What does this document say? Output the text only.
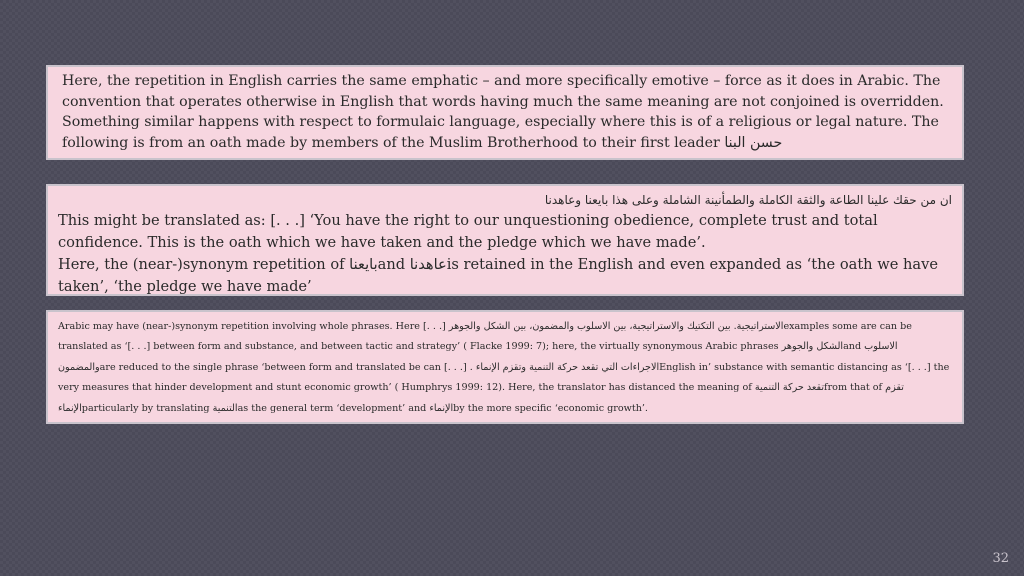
Here, the repetition in English carries the same emphatic – and more specifically emotive – force as it does in Arabic. The convention that operates otherwise in English that words having much the same meaning are not conjoined is overridden. Something similar happens with respect to formulaic language, especially where this is of a religious or legal nature. The following is from an oath made by members of the Muslim Brotherhood to their first leader حسن البنا

ان من حقك علينا الطاعة والثقة الكاملة والطمأنينة الشاملة وعلى هذا بايعنا وعاهدنا

This might be translated as: [. . .] ‘You have the right to our unquestioning obedience, complete trust and total confidence. This is the oath which we have taken and the pledge which we have made’.

Here, the (near-)synonym repetition of بايعناand عاهدناis retained in the English and even expanded as ‘the oath we have taken’, ‘the pledge we have made’

Arabic may have (near-)synonym repetition involving whole phrases. Here [. . .] الاستراتيجية. بين التكتيك والاستراتيجية، بين الاسلوب والمضمون، بين الشكل والجوهرexamples some are can be translated as ‘[. . .] between form and substance, and between tactic and strategy’ ( Flacke 1999: 7); here, the virtually synonymous Arabic phrases الشكل والجوهرand الاسلوب والمضمونare reduced to the single phrase ‘between form and translated be can [. . .] . الاجراءات التي تقعد حركة التنمية وتقزم الإنماءEnglish in’ substance with semantic distancing as ‘[. . .] the very measures that hinder development and stunt economic growth’ ( Humphrys 1999: 12). Here, the translator has distanced the meaning of تقعد حركة التنميةfrom that of تقزم الإنماءparticularly by translating التنميةas the general term ‘development’ and الإنماءby the more specific ‘economic growth’.

32
